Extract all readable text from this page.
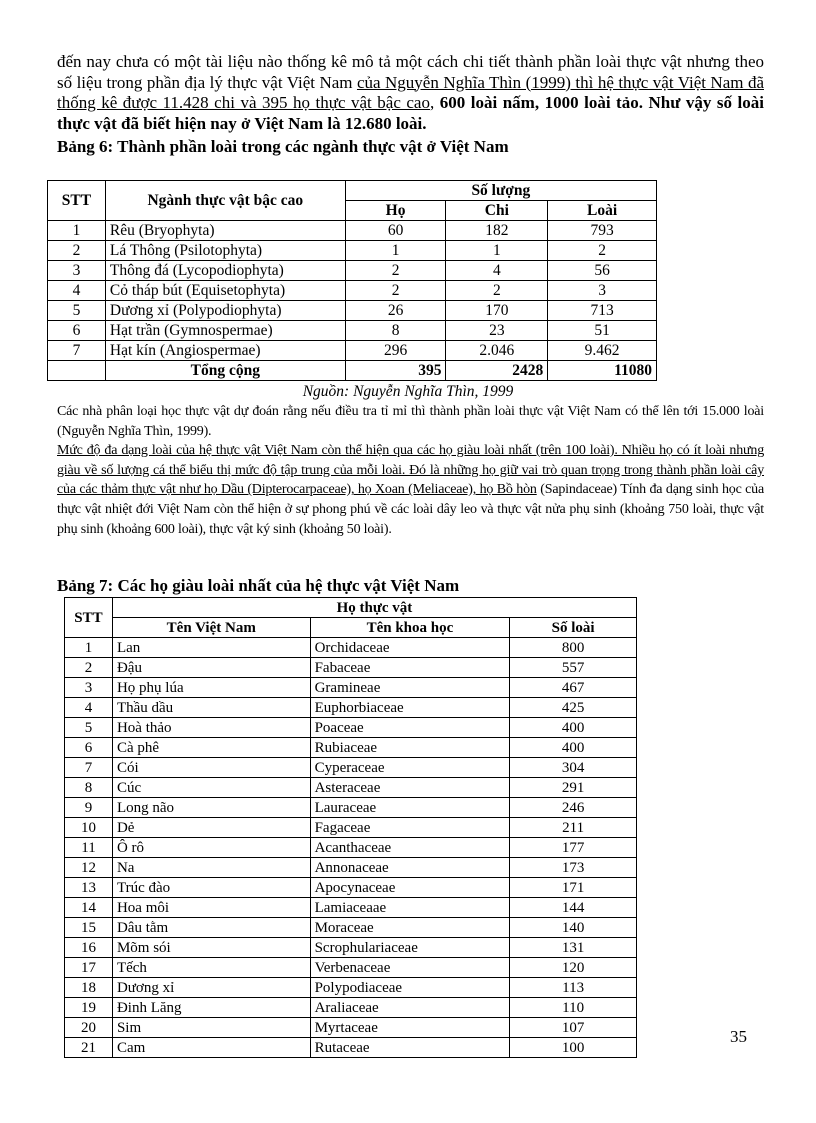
đến nay chưa có một tài liệu nào thống kê mô tả một cách chi tiết thành phần loài thực vật nhưng theo số liệu trong phần địa lý thực vật Việt Nam của Nguyễn Nghĩa Thìn (1999) thì hệ thực vật Việt Nam đã thống kê được 11.428 chi và 395 họ thực vật bậc cao, 600 loài nấm, 1000 loài tảo. Như vậy số loài thực vật đã biết hiện nay ở Việt Nam là 12.680 loài.
Bảng 6: Thành phần loài trong các ngành thực vật ở Việt Nam
STT	Ngành thực vật bậc cao	Số lượng		
		Họ	Chi	Loài
1	Rêu (Bryophyta)	60	182	793
2	Lá Thông (Psilotophyta)	1	1	2
3	Thông đá (Lycopodiophyta)	2	4	56
4	Cỏ tháp bút (Equisetophyta)	2	2	3
5	Dương xỉ (Polypodiophyta)	26	170	713
6	Hạt trần (Gymnospermae)	8	23	51
7	Hạt kín (Angiospermae)	296	2.046	9.462
	Tổng cộng	395	2428	11080
Nguồn: Nguyễn Nghĩa Thìn, 1999
Các nhà phân loại học thực vật dự đoán rằng nếu điều tra tỉ mỉ thì thành phần loài thực vật Việt Nam có thể lên tới 15.000 loài (Nguyễn Nghĩa Thìn, 1999).
Mức độ đa dạng loài của hệ thực vật Việt Nam còn thể hiện qua các họ giàu loài nhất (trên 100 loài). Nhiều họ có ít loài nhưng giàu về số lượng cá thể biểu thị mức độ tập trung của mỗi loài. Đó là những họ giữ vai trò quan trọng trong thành phần loài cây của các thảm thực vật như họ Dầu (Dipterocarpaceae), họ Xoan (Meliaceae), họ Bồ hòn (Sapindaceae) Tính đa dạng sinh học của thực vật nhiệt đới Việt Nam còn thể hiện ở sự phong phú về các loài dây leo và thực vật nửa phụ sinh (khoảng 750 loài, thực vật phụ sinh (khoảng 600 loài), thực vật ký sinh (khoảng 50 loài).
Bảng 7: Các họ giàu loài nhất của hệ thực vật Việt Nam
STT	Họ thực vật		
	Tên Việt Nam	Tên khoa học	Số loài
1	Lan	Orchidaceae	800
2	Đậu	Fabaceae	557
3	Họ phụ lúa	Gramineae	467
4	Thầu dầu	Euphorbiaceae	425
5	Hoà thảo	Poaceae	400
6	Cà phê	Rubiaceae	400
7	Cói	Cyperaceae	304
8	Cúc	Asteraceae	291
9	Long não	Lauraceae	246
10	Dẻ	Fagaceae	211
11	Ô rô	Acanthaceae	177
12	Na	Annonaceae	173
13	Trúc đào	Apocynaceae	171
14	Hoa môi	Lamiaceaae	144
15	Dâu tằm	Moraceae	140
16	Mõm sói	Scrophulariaceae	131
17	Tếch	Verbenaceae	120
18	Dương xỉ	Polypodiaceae	113
19	Đinh Lăng	Araliaceae	110
20	Sim	Myrtaceae	107
21	Cam	Rutaceae	100
35
